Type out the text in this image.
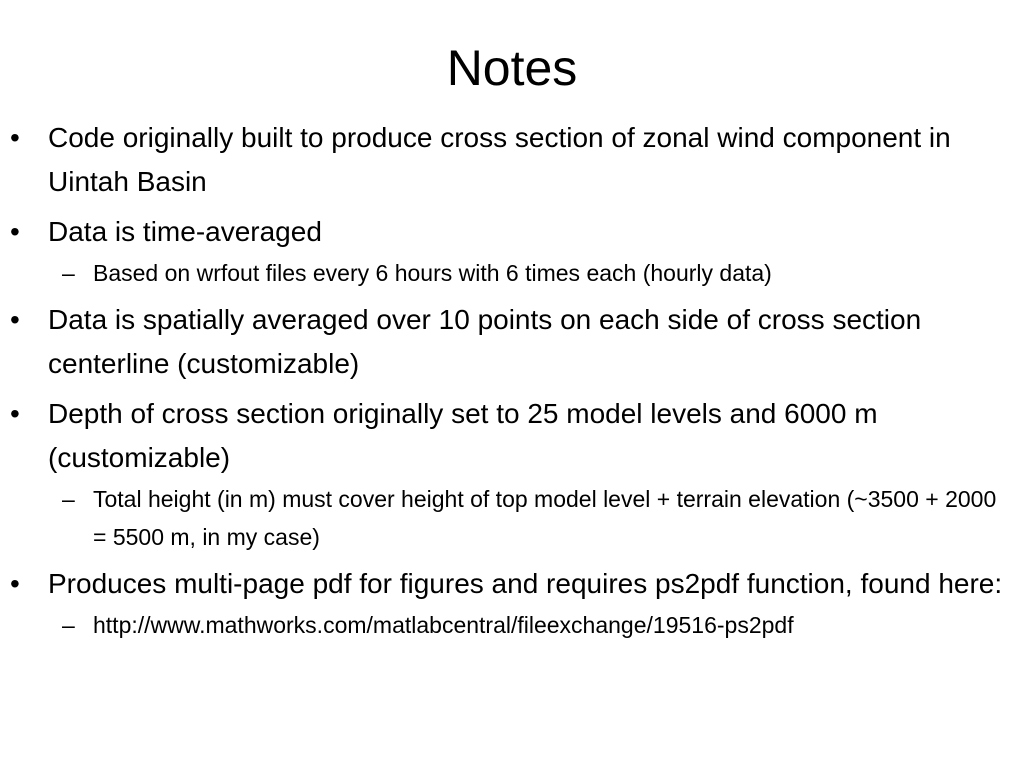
Notes
• Code originally built to produce cross section of zonal wind component in Uintah Basin
• Data is time-averaged
– Based on wrfout files every 6 hours with 6 times each (hourly data)
• Data is spatially averaged over 10 points on each side of cross section centerline (customizable)
• Depth of cross section originally set to 25 model levels and 6000 m (customizable)
– Total height (in m) must cover height of top model level + terrain elevation (~3500 + 2000 = 5500 m, in my case)
• Produces multi-page pdf for figures and requires ps2pdf function, found here:
– http://www.mathworks.com/matlabcentral/fileexchange/19516-ps2pdf
